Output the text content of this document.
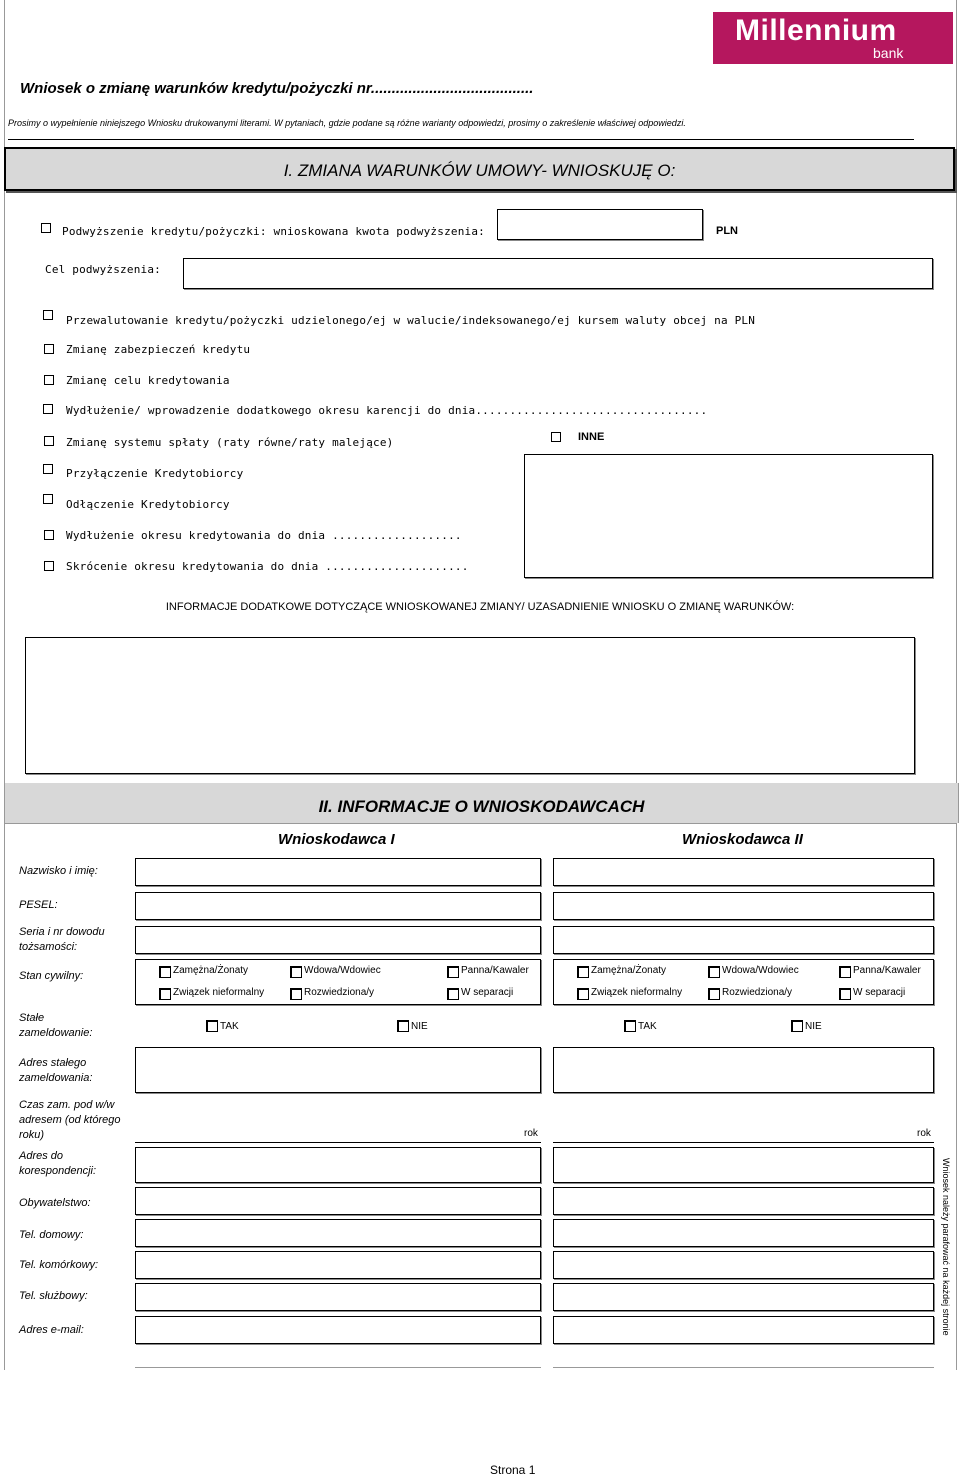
Millennium
bank
Wniosek o zmianę warunków kredytu/pożyczki nr.......................................
Prosimy o wypełnienie niniejszego Wniosku drukowanymi literami. W pytaniach, gdzie podane są różne warianty odpowiedzi, prosimy o zakreślenie właściwej odpowiedzi.
I. ZMIANA WARUNKÓW UMOWY- WNIOSKUJĘ O:
Podwyższenie kredytu/pożyczki: wnioskowana kwota podwyższenia:	PLN
Cel podwyższenia:
Przewalutowanie kredytu/pożyczki udzielonego/ej w walucie/indeksowanego/ej kursem waluty obcej na PLN
Zmianę zabezpieczeń kredytu
Zmianę celu kredytowania
Wydłużenie/ wprowadzenie dodatkowego okresu karencji do dnia..................................
Zmianę systemu spłaty (raty równe/raty malejące)	INNE
Przyłączenie Kredytobiorcy
Odłączenie Kredytobiorcy
Wydłużenie okresu kredytowania do dnia ...................
Skrócenie okresu kredytowania do dnia .....................
INFORMACJE DODATKOWE DOTYCZĄCE WNIOSKOWANEJ ZMIANY/ UZASADNIENIE WNIOSKU O ZMIANĘ WARUNKÓW:
II. INFORMACJE O WNIOSKODAWCACH
Wnioskodawca I	Wnioskodawca II
Nazwisko i imię:
PESEL:
Seria i nr dowodu tożsamości:
Stan cywilny:	Zamężna/Żonaty	Wdowa/Wdowiec	Panna/Kawaler
Związek nieformalny	Rozwiedziona/y	W separacji
Zamężna/Żonaty	Wdowa/Wdowiec	Panna/Kawaler
Związek nieformalny	Rozwiedziona/y	W separacji
Stałe zameldowanie:
TAK	NIE	TAK	NIE
Adres stałego zameldowania:
Czas zam. pod w/w adresem (od którego roku)	rok	rok
Adres do korespondencji:
Obywatelstwo:
Tel. domowy:
Tel. komórkowy:
Tel. służbowy:
Adres e-mail:	Wniosek należy parafować na każdej stronie
Strona 1
